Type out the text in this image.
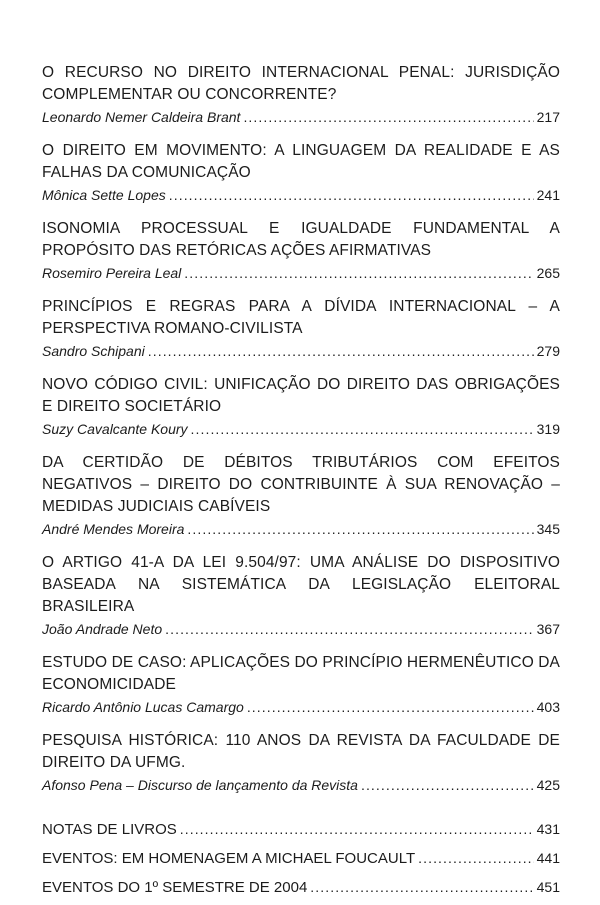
O RECURSO NO DIREITO INTERNACIONAL PENAL: JURISDIÇÃO COMPLEMENTAR OU CONCORRENTE?
Leonardo Nemer Caldeira Brant . . .	217
O DIREITO EM MOVIMENTO: A LINGUAGEM DA REALIDADE E AS FALHAS DA COMUNICAÇÃO
Mônica Sette Lopes . . .	241
ISONOMIA PROCESSUAL E IGUALDADE FUNDAMENTAL A PROPÓSITO DAS RETÓRICAS AÇÕES AFIRMATIVAS
Rosemiro Pereira Leal . . .	265
PRINCÍPIOS E REGRAS PARA A DÍVIDA INTERNACIONAL – A PERSPECTIVA ROMANO-CIVILISTA
Sandro Schipani . . .	279
NOVO CÓDIGO CIVIL: UNIFICAÇÃO DO DIREITO DAS OBRIGAÇÕES E DIREITO SOCIETÁRIO
Suzy Cavalcante Koury . . .	319
DA CERTIDÃO DE DÉBITOS TRIBUTÁRIOS COM EFEITOS NEGATIVOS – DIREITO DO CONTRIBUINTE À SUA RENOVAÇÃO – MEDIDAS JUDICIAIS CABÍVEIS
André Mendes Moreira . . .	345
O ARTIGO 41-A DA LEI 9.504/97: UMA ANÁLISE DO DISPOSITIVO BASEADA NA SISTEMÁTICA DA LEGISLAÇÃO ELEITORAL BRASILEIRA
João Andrade Neto . . .	367
ESTUDO DE CASO: APLICAÇÕES DO PRINCÍPIO HERMENÊUTICO DA ECONOMICIDADE
Ricardo Antônio Lucas Camargo . . .	403
PESQUISA HISTÓRICA: 110 ANOS DA REVISTA DA FACULDADE DE DIREITO DA UFMG.
Afonso Pena – Discurso de lançamento da Revista . . .	425
NOTAS DE LIVROS . . .	431
EVENTOS: EM HOMENAGEM A MICHAEL FOUCAULT . . .	441
EVENTOS DO 1º SEMESTRE DE 2004 . . .	451
